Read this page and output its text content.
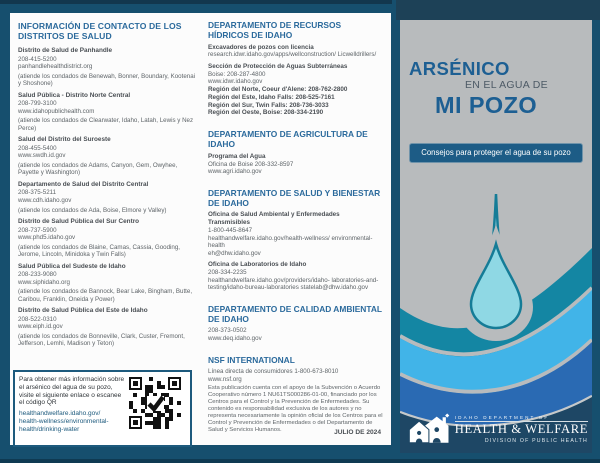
INFORMACIÓN DE CONTACTO DE LOS DISTRITOS DE SALUD
Distrito de Salud de Panhandle
208-415-5200
panhandlehealthdistrict.org
(atiende los condados de Benewah, Bonner, Boundary, Kootenai y Shoshone)
Salud Pública - Distrito Norte Central
208-799-3100
www.idahopublichealth.com
(atiende los condados de Clearwater, Idaho, Latah, Lewis y Nez Perce)
Salud del Distrito del Suroeste
208-455-5400
www.swdh.id.gov
(atiende los condados de Adams, Canyon, Gem, Owyhee, Payette y Washington)
Departamento de Salud del Distrito Central
208-375-5211
www.cdh.idaho.gov
(atiende los condados de Ada, Boise, Elmore y Valley)
Distrito de Salud Pública del Sur Centro
208-737-5900
www.phd5.idaho.gov
(atiende los condados de Blaine, Camas, Cassia, Gooding, Jerome, Lincoln, Minidoka y Twin Falls)
Salud Pública del Sudeste de Idaho
208-233-9080
www.siphidaho.org
(atiende los condados de Bannock, Bear Lake, Bingham, Butte, Caribou, Franklin, Oneida y Power)
Distrito de Salud Pública del Este de Idaho
208-522-0310
www.eiph.id.gov
(atiende los condados de Bonneville, Clark, Custer, Fremont, Jefferson, Lemhi, Madison y Teton)
Para obtener más información sobre el arsénico del agua de su pozo, visite el siguiente enlace o escanee el código QR
healthandwelfare.idaho.gov/ health-wellness/environmental- health/drinking-water
DEPARTAMENTO DE RECURSOS HÍDRICOS DE IDAHO
Excavadores de pozos con licencia
research.idwr.idaho.gov/apps/wellconstruction/ Licwelldrillers/
Sección de Protección de Aguas Subterráneas
Boise: 208-287-4800
www.idwr.idaho.gov
Región del Norte, Coeur d'Alene: 208-762-2800
Región del Este, Idaho Falls: 208-525-7161
Región del Sur, Twin Falls: 208-736-3033
Región del Oeste, Boise: 208-334-2190
DEPARTAMENTO DE AGRICULTURA DE IDAHO
Programa del Agua
Oficina de Boise 208-332-8597
www.agri.idaho.gov
DEPARTAMENTO DE SALUD Y BIENESTAR DE IDAHO
Oficina de Salud Ambiental y Enfermedades Transmisibles
1-800-445-8647
healthandwelfare.idaho.gov/health-wellness/ environmental-health
eh@dhw.idaho.gov
Oficina de Laboratorios de Idaho
208-334-2235
healthandwelfare.idaho.gov/providers/idaho- laboratories-and-testing/idaho-bureau-laboratories statelab@dhw.idaho.gov
DEPARTAMENTO DE CALIDAD AMBIENTAL DE IDAHO
208-373-0502
www.deq.idaho.gov
NSF INTERNATIONAL
Línea directa de consumidores 1-800-673-8010
www.nsf.org
Esta publicación cuenta con el apoyo de la Subvención o Acuerdo Cooperativo número 1 NU61TS000286-01-00, financiado por los Centros para el Control y la Prevención de Enfermedades. Su contenido es responsabilidad exclusiva de los autores y no representa necesariamente la opinión oficial de los Centros para el Control y Prevención de Enfermedades o del Departamento de Salud y Servicios Humanos.	JULIO DE 2024
ARSÉNICO
EN EL AGUA DE
MI POZO
Consejos para proteger el agua de su pozo
IDAHO DEPARTMENT OF
HEALTH & WELFARE
DIVISION OF PUBLIC HEALTH
